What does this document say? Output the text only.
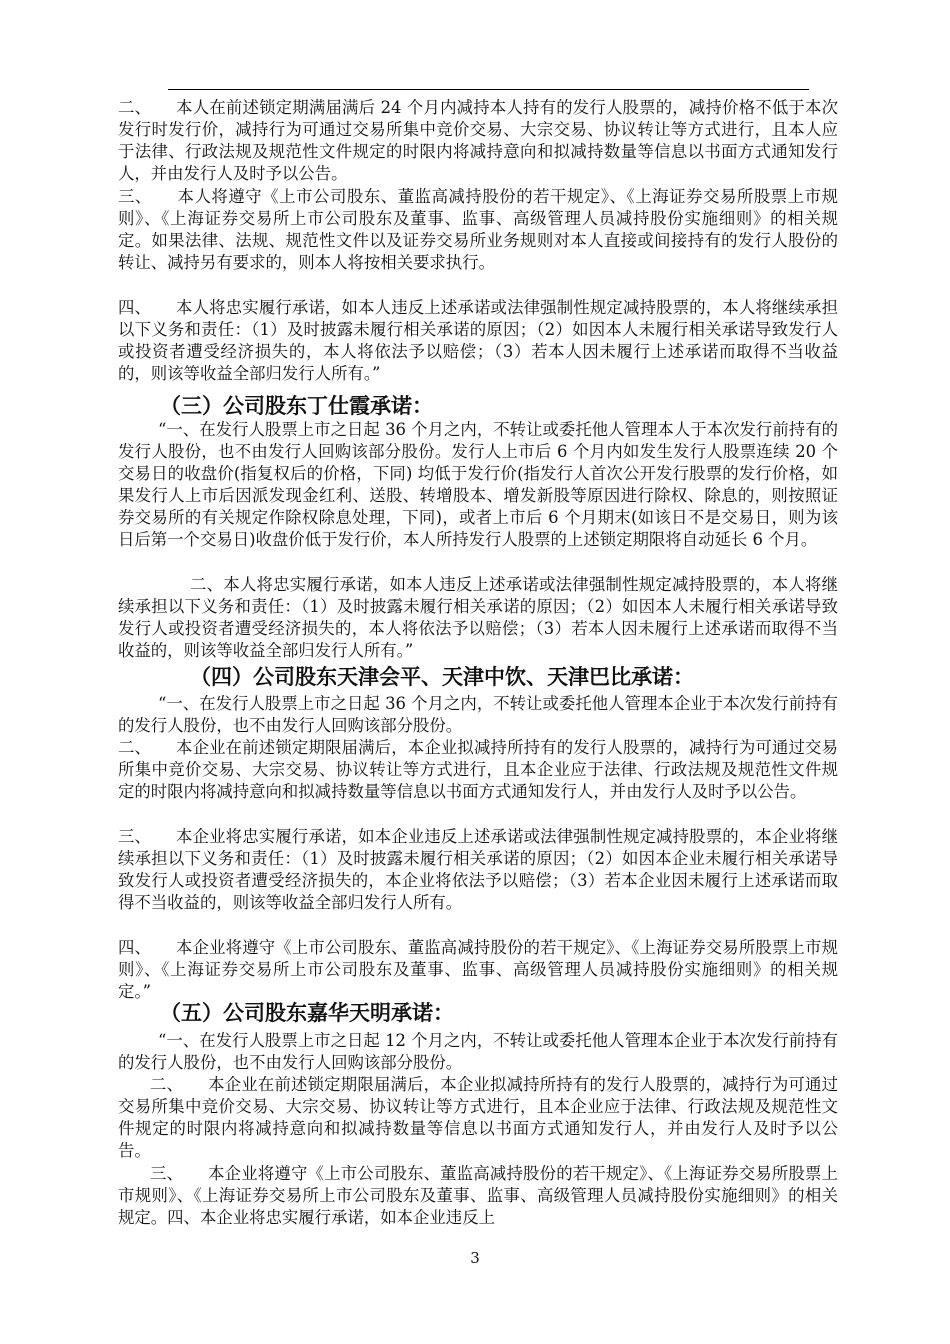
二、　　本人在前述锁定期满届满后 24 个月内减持本人持有的发行人股票的，减持价格不低于本次发行时发行价，减持行为可通过交易所集中竞价交易、大宗交易、协议转让等方式进行，且本人应于法律、行政法规及规范性文件规定的时限内将减持意向和拟减持数量等信息以书面方式通知发行人，并由发行人及时予以公告。
三、　　本人将遵守《上市公司股东、董监高减持股份的若干规定》、《上海证券交易所股票上市规则》、《上海证券交易所上市公司股东及董事、监事、高级管理人员减持股份实施细则》的相关规定。如果法律、法规、规范性文件以及证券交易所业务规则对本人直接或间接持有的发行人股份的转让、减持另有要求的，则本人将按相关要求执行。
四、　　本人将忠实履行承诺，如本人违反上述承诺或法律强制性规定减持股票的，本人将继续承担以下义务和责任：（1）及时披露未履行相关承诺的原因；（2）如因本人未履行相关承诺导致发行人或投资者遭受经济损失的，本人将依法予以赔偿；（3）若本人因未履行上述承诺而取得不当收益的，则该等收益全部归发行人所有。”
（三）公司股东丁仕霞承诺：
“一、在发行人股票上市之日起 36 个月之内，不转让或委托他人管理本人于本次发行前持有的发行人股份，也不由发行人回购该部分股份。发行人上市后 6 个月内如发生发行人股票连续 20 个交易日的收盘价(指复权后的价格，下同) 均低于发行价(指发行人首次公开发行股票的发行价格，如果发行人上市后因派发现金红利、送股、转增股本、增发新股等原因进行除权、除息的，则按照证券交易所的有关规定作除权除息处理，下同)，或者上市后 6 个月期末(如该日不是交易日，则为该日后第一个交易日)收盘价低于发行价，本人所持发行人股票的上述锁定期限将自动延长 6 个月。
二、本人将忠实履行承诺，如本人违反上述承诺或法律强制性规定减持股票的，本人将继续承担以下义务和责任：（1）及时披露未履行相关承诺的原因；（2）如因本人未履行相关承诺导致发行人或投资者遭受经济损失的，本人将依法予以赔偿；（3）若本人因未履行上述承诺而取得不当收益的，则该等收益全部归发行人所有。”
（四）公司股东天津会平、天津中饮、天津巴比承诺：
“一、在发行人股票上市之日起 36 个月之内，不转让或委托他人管理本企业于本次发行前持有的发行人股份，也不由发行人回购该部分股份。
二、　　本企业在前述锁定期限届满后，本企业拟减持所持有的发行人股票的，减持行为可通过交易所集中竞价交易、大宗交易、协议转让等方式进行，且本企业应于法律、行政法规及规范性文件规定的时限内将减持意向和拟减持数量等信息以书面方式通知发行人，并由发行人及时予以公告。
三、　　本企业将忠实履行承诺，如本企业违反上述承诺或法律强制性规定减持股票的，本企业将继续承担以下义务和责任：（1）及时披露未履行相关承诺的原因；（2）如因本企业未履行相关承诺导致发行人或投资者遭受经济损失的，本企业将依法予以赔偿；（3）若本企业因未履行上述承诺而取得不当收益的，则该等收益全部归发行人所有。
四、　　本企业将遵守《上市公司股东、董监高减持股份的若干规定》、《上海证券交易所股票上市规则》、《上海证券交易所上市公司股东及董事、监事、高级管理人员减持股份实施细则》的相关规定。”
（五）公司股东嘉华天明承诺：
“一、在发行人股票上市之日起 12 个月之内，不转让或委托他人管理本企业于本次发行前持有的发行人股份，也不由发行人回购该部分股份。
二、　　本企业在前述锁定期限届满后，本企业拟减持所持有的发行人股票的，减持行为可通过交易所集中竞价交易、大宗交易、协议转让等方式进行，且本企业应于法律、行政法规及规范性文件规定的时限内将减持意向和拟减持数量等信息以书面方式通知发行人，并由发行人及时予以公告。
三、　　本企业将遵守《上市公司股东、董监高减持股份的若干规定》、《上海证券交易所股票上市规则》、《上海证券交易所上市公司股东及董事、监事、高级管理人员减持股份实施细则》的相关规定。四、本企业将忠实履行承诺，如本企业违反上
3
